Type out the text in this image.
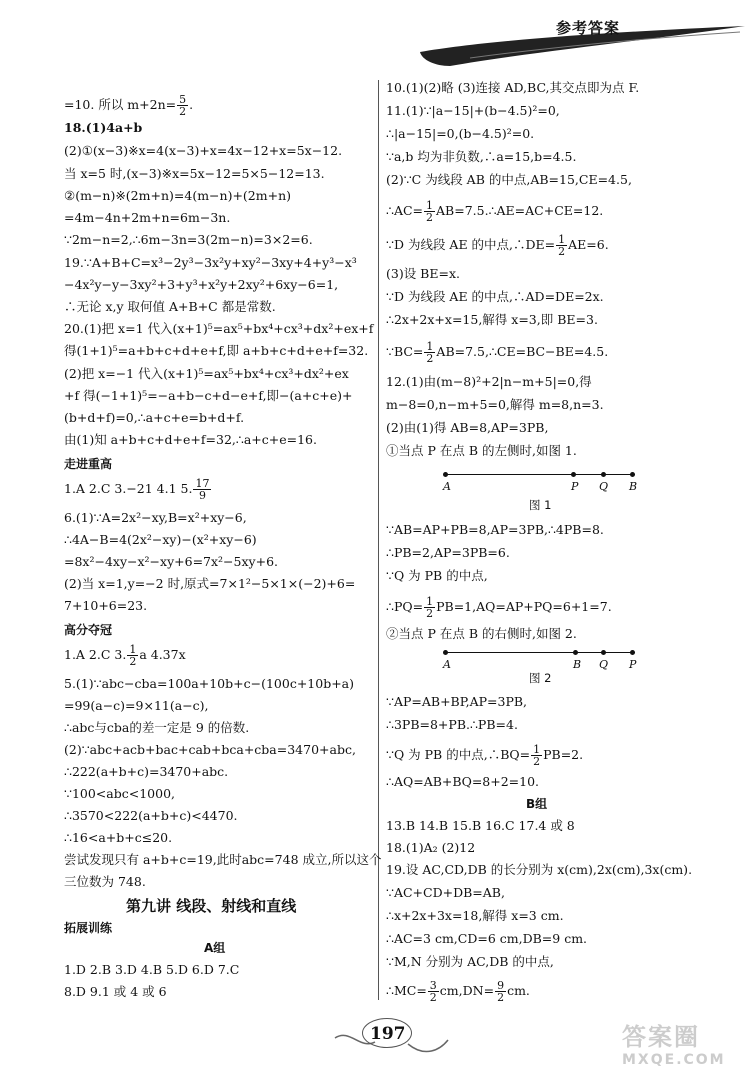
参考答案
=10. 所以 $m+2n= \frac{5}{2}$ .
18.(1)4a+b
(2)①(x−3)※x=4(x−3)+x=4x−12+x=5x−12.
当 x=5 时,(x−3)※x=5x−12=5×5−12=13.
②(m−n)※(2m+n)=4(m−n)+(2m+n)
=4m−4n+2m+n=6m−3n.
∵2m−n=2,∴6m−3n=3(2m−n)=3×2=6.
19.∵A+B+C=x³−2y³−3x²y+xy²−3xy+4+y³−x³
−4x²y−y−3xy²+3+y³+x²y+2xy²+6xy−6=1,
∴无论 x,y 取何值 A+B+C 都是常数.
20.(1)把 x=1 代入(x+1)⁵=ax⁵+bx⁴+cx³+dx²+ex+f
得(1+1)⁵=a+b+c+d+e+f,即 a+b+c+d+e+f=32.
(2)把 x=−1 代入(x+1)⁵=ax⁵+bx⁴+cx³+dx²+ex
+f 得(−1+1)⁵=−a+b−c+d−e+f,即−(a+c+e)+
(b+d+f)=0,∴a+c+e=b+d+f.
由(1)知 a+b+c+d+e+f=32,∴a+c+e=16.
走进重高
1.A 2.C 3.−21 4.1 5. $\frac{17}{9}$
6.(1)∵A=2x²−xy,B=x²+xy−6,
∴4A−B=4(2x²−xy)−(x²+xy−6)
=8x²−4xy−x²−xy+6=7x²−5xy+6.
(2)当 x=1,y=−2 时,原式=7×1²−5×1×(−2)+6=
7+10+6=23.
高分夺冠
1.A 2.C 3. $\frac{1}{2}$ a 4.37x
5.(1)∵abc−cba=100a+10b+c−(100c+10b+a)
=99(a−c)=9×11(a−c),
∴abc与cba的差一定是 9 的倍数.
(2)∵abc+acb+bac+cab+bca+cba=3470+abc,
∴222(a+b+c)=3470+abc.
∵100<abc<1000,
∴3570<222(a+b+c)<4470.
∴16<a+b+c≤20.
尝试发现只有 a+b+c=19,此时abc=748 成立,所以这个
三位数为 748.
第九讲 线段、射线和直线
拓展训练
A组
1.D 2.B 3.D 4.B 5.D 6.D 7.C
8.D 9.1 或 4 或 6
10.(1)(2)略 (3)连接 AD,BC,其交点即为点 F.
11.(1)∵|a−15|+(b−4.5)²=0,
∴|a−15|=0,(b−4.5)²=0.
∵a,b 均为非负数,∴a=15,b=4.5.
(2)∵C 为线段 AB 的中点,AB=15,CE=4.5,
∴AC= $\frac{1}{2}$ AB=7.5.∴AE=AC+CE=12.
∵D 为线段 AE 的中点,∴DE= $\frac{1}{2} AE=6$.
(3)设 BE=x.
∵D 为线段 AE 的中点,∴AD=DE=2x.
∴2x+2x+x=15,解得 x=3,即 BE=3.
∵BC= $\frac{1}{2}$ AB=7.5,∴CE=BC−BE=4.5.
12.(1)由(m−8)²+2|n−m+5|=0,得
m−8=0,n−m+5=0,解得 m=8,n=3.
(2)由(1)得 AB=8,AP=3PB,
①当点 P 在点 B 的左侧时,如图 1.
A	P Q B
图 1
∵AB=AP+PB=8,AP=3PB,∴4PB=8.
∴PB=2,AP=3PB=6.
∵Q 为 PB 的中点,
∴PQ= $\frac{1}{2} PB=1,AQ=AP+PQ=6+1=7$.
②当点 P 在点 B 的右侧时,如图 2.
A	B Q P
图 2
∵AP=AB+BP,AP=3PB,
∴3PB=8+PB.∴PB=4.
∵Q 为 PB 的中点,∴BQ= $\frac{1}{2} PB=2$.
∴AQ=AB+BQ=8+2=10.
B组
13.B 14.B 15.B 16.C 17.4 或 8
18.(1)A₂ (2)12
19.设 AC,CD,DB 的长分别为 x(cm),2x(cm),3x(cm).
∵AC+CD+DB=AB,
∴x+2x+3x=18,解得 x=3 cm.
∴AC=3 cm,CD=6 cm,DB=9 cm.
∵M,N 分别为 AC,DB 的中点,
∴MC= $\frac{3}{2} cm,DN= \frac{9}{2}$ cm.
197	答案圈
MXQE.COM
